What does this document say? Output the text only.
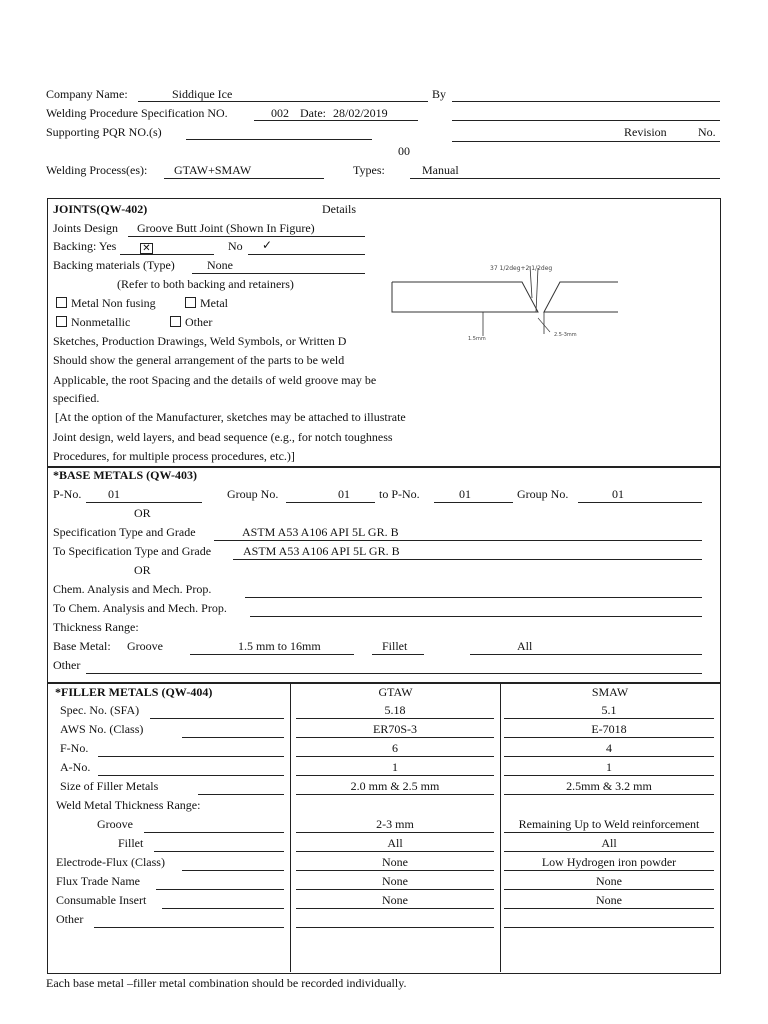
Company Name:	Siddique Ice	By
Welding Procedure Specification NO.	002 Date: 28/02/2019
Supporting PQR NO.(s)	Revision	No.
00
Welding Process(es): GTAW+SMAW	Types:	Manual
JOINTS(QW-402)	Details
Joints Design Groove Butt Joint (Shown In Figure)
Backing: Yes	✕	No ✓
Backing materials (Type)	None
(Refer to both backing and retainers)
Metal Non fusing	Metal
Nonmetallic	Other
Sketches, Production Drawings, Weld Symbols, or Written D
Should show the general arrangement of the parts to be weld
Applicable, the root Spacing and the details of weld groove may be
specified.
[At the option of the Manufacturer, sketches may be attached to illustrate
Joint design, weld layers, and bead sequence (e.g., for notch toughness
Procedures, for multiple process procedures, etc.)]
37 1/2deg+2 1/2deg
1.5mm
2.5-3mm
*BASE METALS (QW-403)
P-No. 01	Group No.	01 to P-No.	01	Group No.	01
OR
Specification Type and Grade	ASTM A53 A106 API 5L GR. B
To Specification Type and Grade	ASTM A53 A106 API 5L GR. B
OR
Chem. Analysis and Mech. Prop.
To Chem. Analysis and Mech. Prop.
Thickness Range:
Base Metal: Groove	1.5 mm to 16mm	Fillet	All
Other
*FILLER METALS (QW-404)	GTAW	SMAW
Spec. No. (SFA)	5.18	5.1
AWS No. (Class)	ER70S-3	E-7018
F-No.	6	4
A-No.	1	1
Size of Filler Metals	2.0 mm & 2.5 mm	2.5mm & 3.2 mm
Weld Metal Thickness Range:
Groove	2-3 mm	Remaining Up to Weld reinforcement
Fillet	All	All
Electrode-Flux (Class)	None	Low Hydrogen iron powder
Flux Trade Name	None	None
Consumable Insert	None	None
Other
Each base metal –filler metal combination should be recorded individually.
